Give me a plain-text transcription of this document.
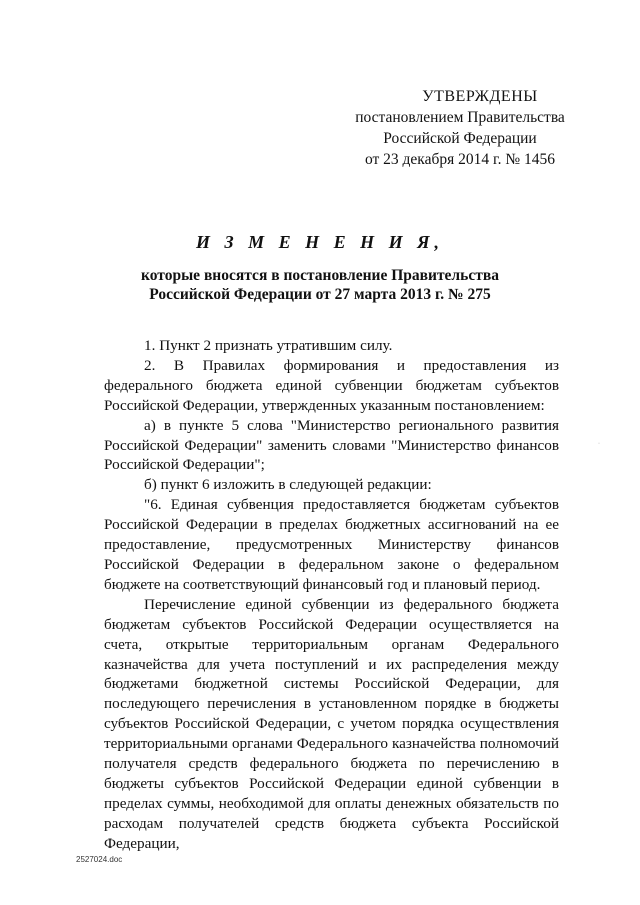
УТВЕРЖДЕНЫ
постановлением Правительства
Российской Федерации
от 23 декабря 2014 г. № 1456
И З М Е Н Е Н И Я,
которые вносятся в постановление Правительства
Российской Федерации от 27 марта 2013 г. № 275

1. Пункт 2 признать утратившим силу.

2. В Правилах формирования и предоставления из федерального бюджета единой субвенции бюджетам субъектов Российской Федерации, утвержденных указанным постановлением:

а) в пункте 5 слова "Министерство регионального развития Российской Федерации" заменить словами "Министерство финансов Российской Федерации";

б) пункт 6 изложить в следующей редакции:

"6. Единая субвенция предоставляется бюджетам субъектов Российской Федерации в пределах бюджетных ассигнований на ее предоставление, предусмотренных Министерству финансов Российской Федерации в федеральном законе о федеральном бюджете на соответствующий финансовый год и плановый период.

Перечисление единой субвенции из федерального бюджета бюджетам субъектов Российской Федерации осуществляется на счета, открытые территориальным органам Федерального казначейства для учета поступлений и их распределения между бюджетами бюджетной системы Российской Федерации, для последующего перечисления в установленном порядке в бюджеты субъектов Российской Федерации, с учетом порядка осуществления территориальными органами Федерального казначейства полномочий получателя средств федерального бюджета по перечислению в бюджеты субъектов Российской Федерации единой субвенции в пределах суммы, необходимой для оплаты денежных обязательств по расходам получателей средств бюджета субъекта Российской Федерации,

·
2527024.doc
